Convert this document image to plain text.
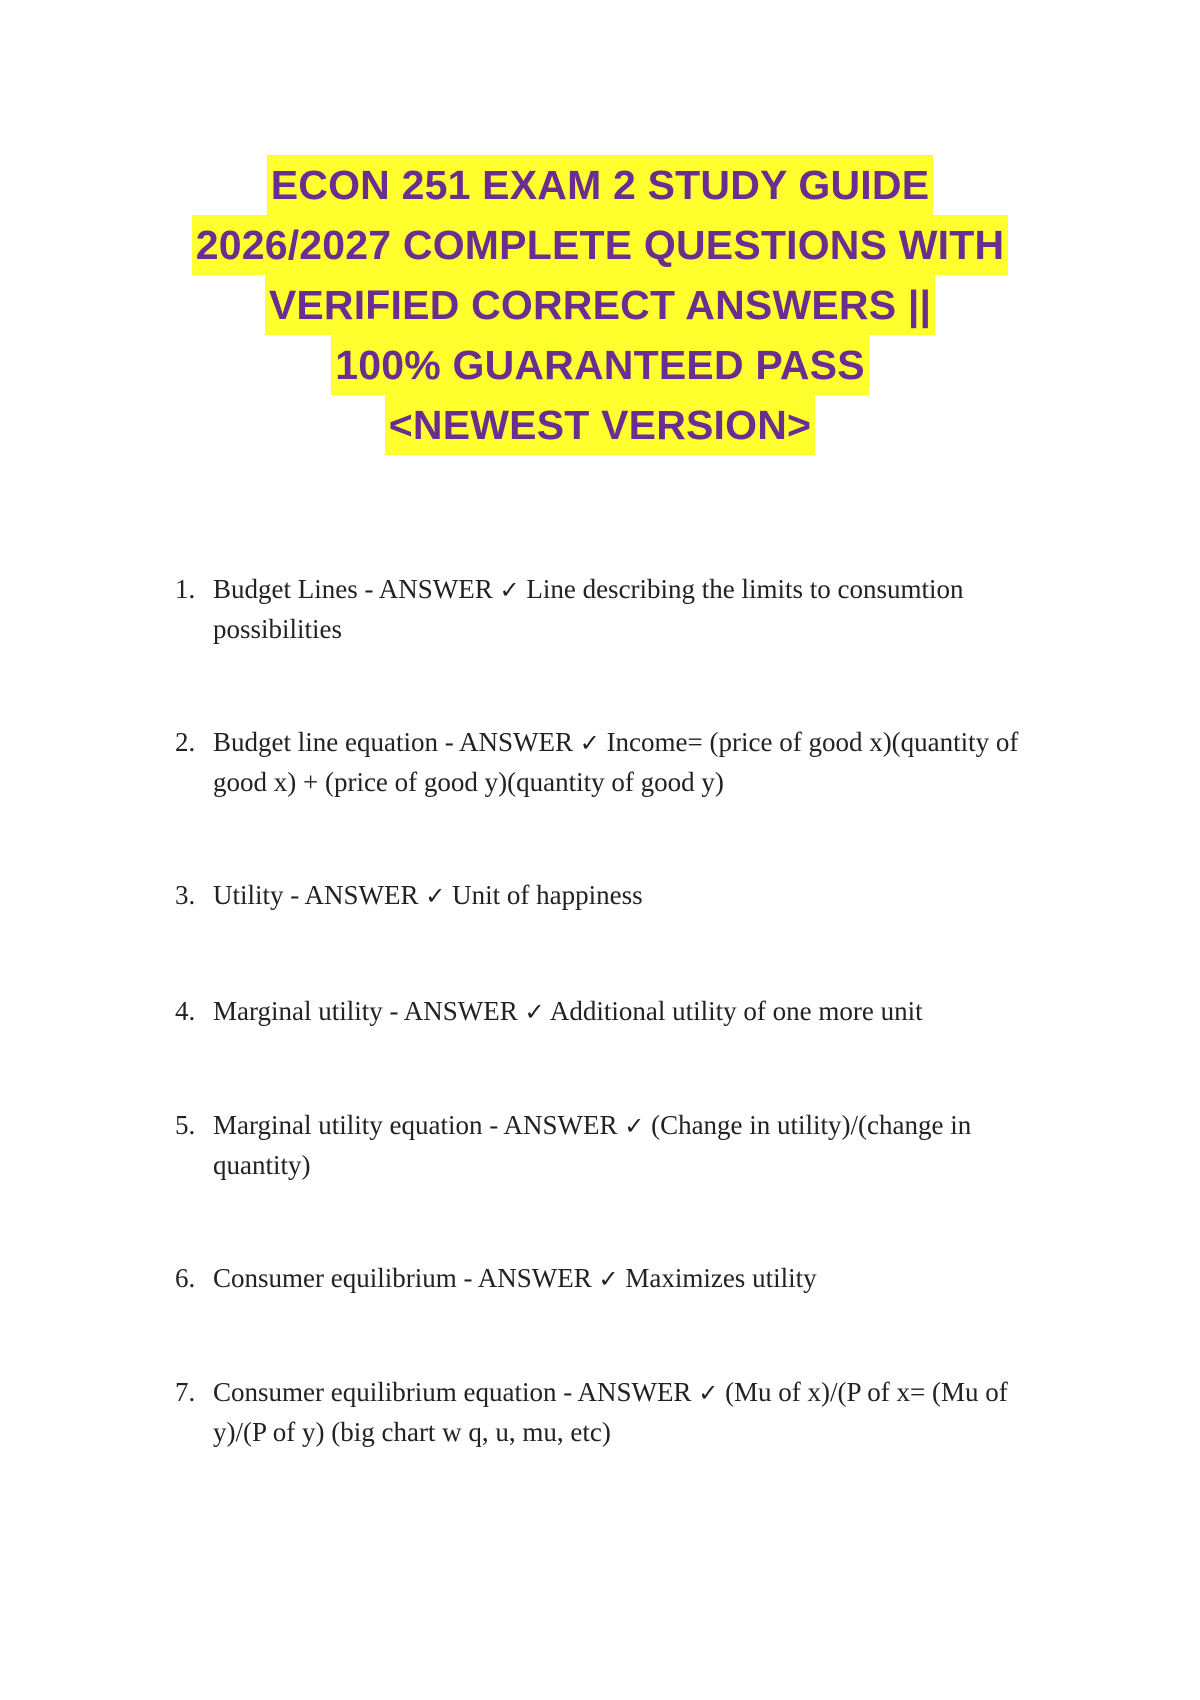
ECON 251 EXAM 2 STUDY GUIDE
2026/2027 COMPLETE QUESTIONS WITH
VERIFIED CORRECT ANSWERS ||
100% GUARANTEED PASS
<NEWEST VERSION>
1. Budget Lines - ANSWER ✓ Line describing the limits to consumtion possibilities
2. Budget line equation - ANSWER ✓ Income= (price of good x)(quantity of good x) + (price of good y)(quantity of good y)
3. Utility - ANSWER ✓ Unit of happiness
4. Marginal utility - ANSWER ✓ Additional utility of one more unit
5. Marginal utility equation - ANSWER ✓ (Change in utility)/(change in quantity)
6. Consumer equilibrium - ANSWER ✓ Maximizes utility
7. Consumer equilibrium equation - ANSWER ✓ (Mu of x)/(P of x= (Mu of y)/(P of y) (big chart w q, u, mu, etc)
